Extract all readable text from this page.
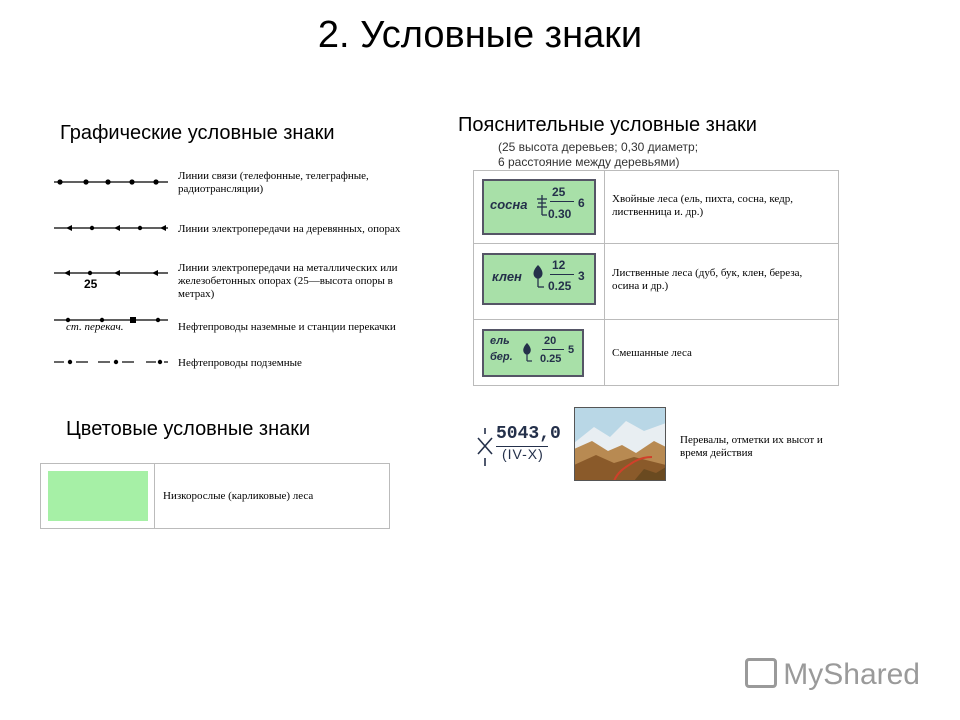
2. Условные знаки
Графические условные знаки
Линии связи (телефонные, телеграфные,
радиотрансляции)
Линии электропередачи на деревянных, опорах
25
Линии электропередачи на металлических или
железобетонных опорах (25—высота опоры в
метрах)
ст. перекач.	Нефтепроводы наземные и станции перекачки
Нефтепроводы подземные
Цветовые условные знаки
Низкорослые (карликовые) леса
Пояснительные условные знаки
(25 высота деревьев; 0,30 диаметр;
6 расстояние между деревьями)
сосна
25
0.30
6 Хвойные леса (ель, пихта, сосна, кедр,
лиственница и. др.)
клен
12
0.25
3 Лиственные леса (дуб, бук, клен, береза,
осина и др.)
ель
бер.
20
0.25
5	Смешанные леса
5043,0
(IV-X)
Перевалы, отметки их высот и
время действия
MyShared
